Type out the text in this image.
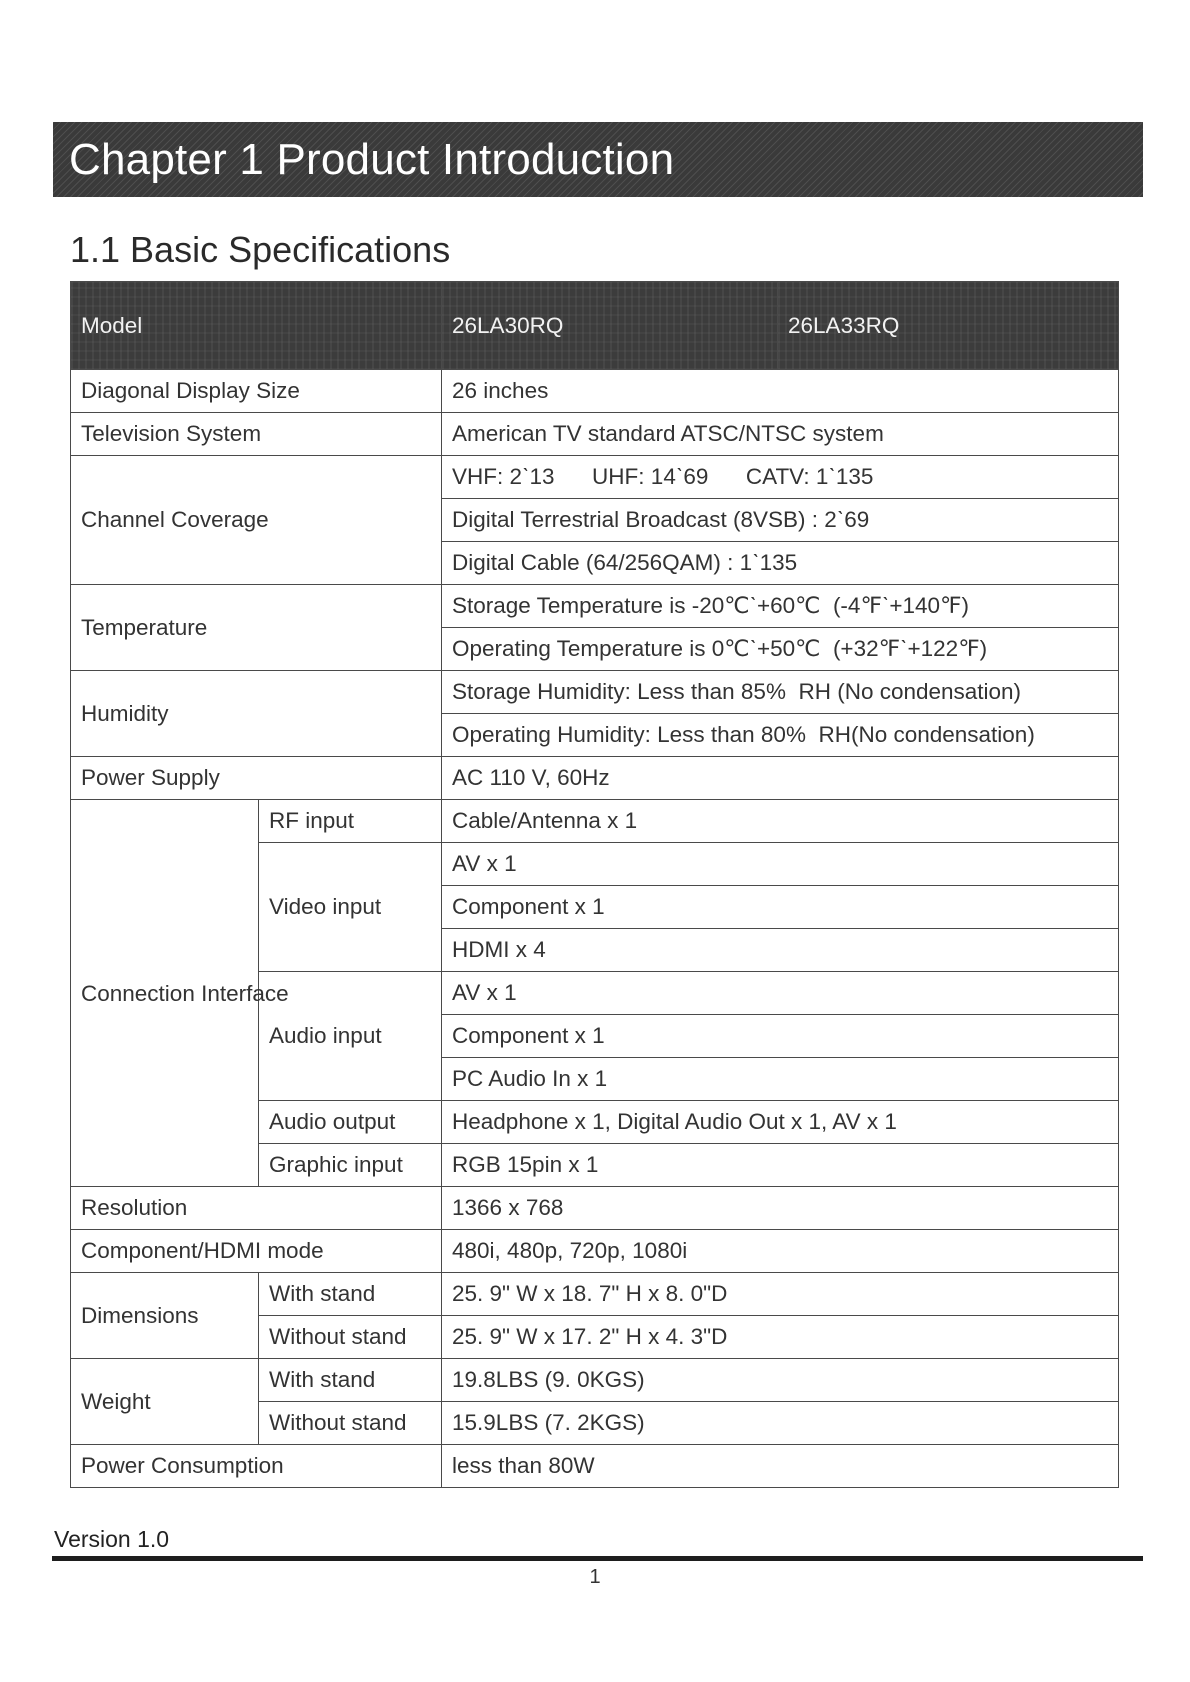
Chapter 1 Product Introduction
1.1 Basic Specifications
Model		26LA30RQ	26LA33RQ
Diagonal Display Size		26 inches	
Television System		American TV standard ATSC/NTSC system	
Channel Coverage		VHF: 2ˋ13      UHF: 14ˋ69      CATV: 1ˋ135	
		Digital Terrestrial Broadcast (8VSB) : 2ˋ69	
		Digital Cable (64/256QAM) : 1ˋ135	
Temperature		Storage Temperature is -20℃ˋ+60℃  (-4℉ˋ+140℉)	
		Operating Temperature is 0℃ˋ+50℃  (+32℉ˋ+122℉)	
Humidity		Storage Humidity: Less than 85%  RH (No condensation)	
		Operating Humidity: Less than 80%  RH(No condensation)	
Power Supply		AC 110 V, 60Hz	
Connection Interface	RF input	Cable/Antenna x 1	
	Video input	AV x 1	
		Component x 1	
		HDMI x 4	
	Audio input	AV x 1	
		Component x 1	
		PC Audio In x 1	
	Audio output	Headphone x 1, Digital Audio Out x 1, AV x 1	
	Graphic input	RGB 15pin x 1	
Resolution		1366 x 768	
Component/HDMI mode		480i, 480p, 720p, 1080i	
Dimensions	With stand	25. 9" W x 18. 7" H x 8. 0"D	
	Without stand	25. 9" W x 17. 2" H x 4. 3"D	
Weight	With stand	19.8LBS (9. 0KGS)	
	Without stand	15.9LBS (7. 2KGS)	
Power Consumption		less than 80W	
Version 1.0
1
